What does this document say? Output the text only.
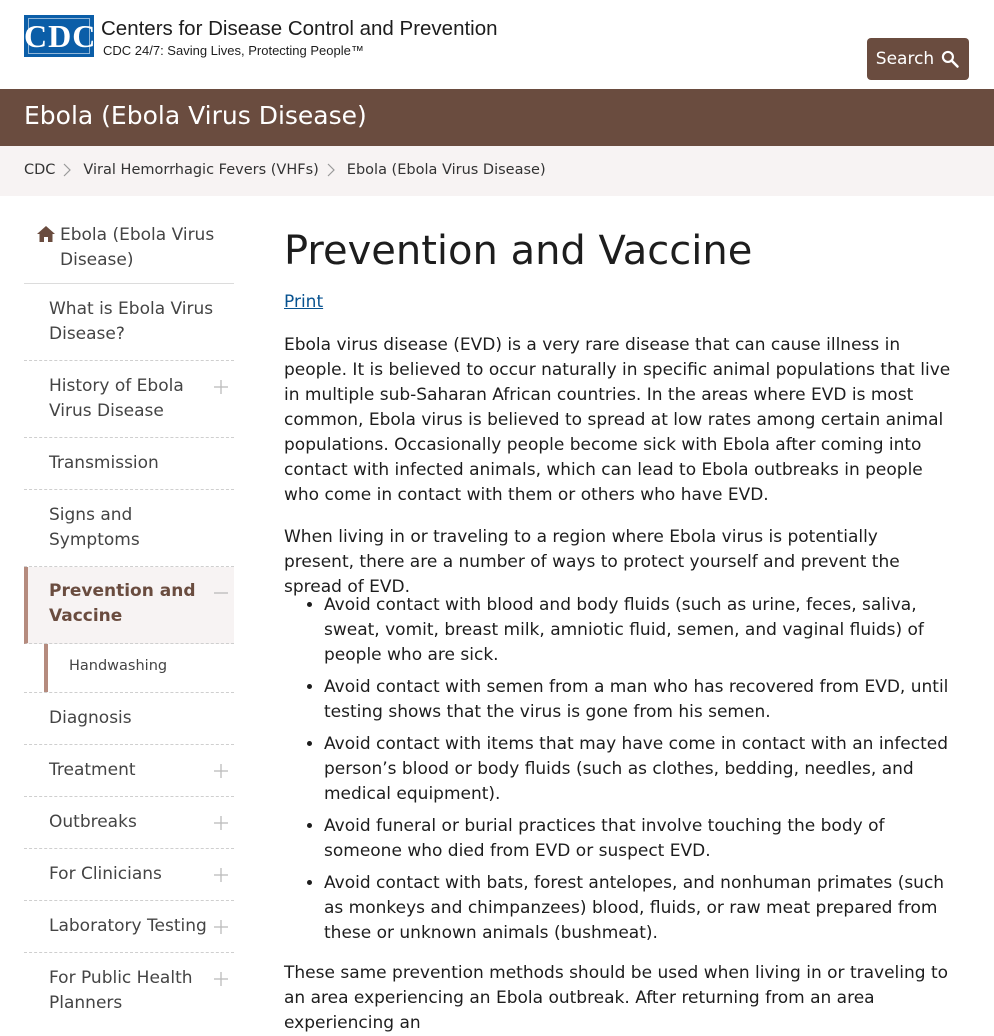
CDC Centers for Disease Control and Prevention
CDC 24/7: Saving Lives, Protecting People™	Search
Ebola (Ebola Virus Disease)
CDC Viral Hemorrhagic Fevers (VHFs) Ebola (Ebola Virus Disease)
Ebola (Ebola Virus Disease)
What is Ebola Virus Disease?
History of Ebola Virus Disease
Transmission
Signs and Symptoms
Prevention and Vaccine
Handwashing
Diagnosis
Treatment
Outbreaks
For Clinicians
Laboratory Testing
For Public Health Planners
Prevention and Vaccine
Print

Ebola virus disease (EVD) is a very rare disease that can cause illness in people. It is believed to occur naturally in specific animal populations that live in multiple sub-Saharan African countries. In the areas where EVD is most common, Ebola virus is believed to spread at low rates among certain animal populations. Occasionally people become sick with Ebola after coming into contact with infected animals, which can lead to Ebola outbreaks in people who come in contact with them or others who have EVD.

When living in or traveling to a region where Ebola virus is potentially present, there are a number of ways to protect yourself and prevent the spread of EVD.

• Avoid contact with blood and body fluids (such as urine, feces, saliva, sweat, vomit, breast milk, amniotic fluid, semen, and vaginal fluids) of people who are sick.
• Avoid contact with semen from a man who has recovered from EVD, until testing shows that the virus is gone from his semen.
• Avoid contact with items that may have come in contact with an infected person’s blood or body fluids (such as clothes, bedding, needles, and medical equipment).
• Avoid funeral or burial practices that involve touching the body of someone who died from EVD or suspect EVD.
• Avoid contact with bats, forest antelopes, and nonhuman primates (such as monkeys and chimpanzees) blood, fluids, or raw meat prepared from these or unknown animals (bushmeat).

These same prevention methods should be used when living in or traveling to an area experiencing an Ebola outbreak. After returning from an area experiencing an
